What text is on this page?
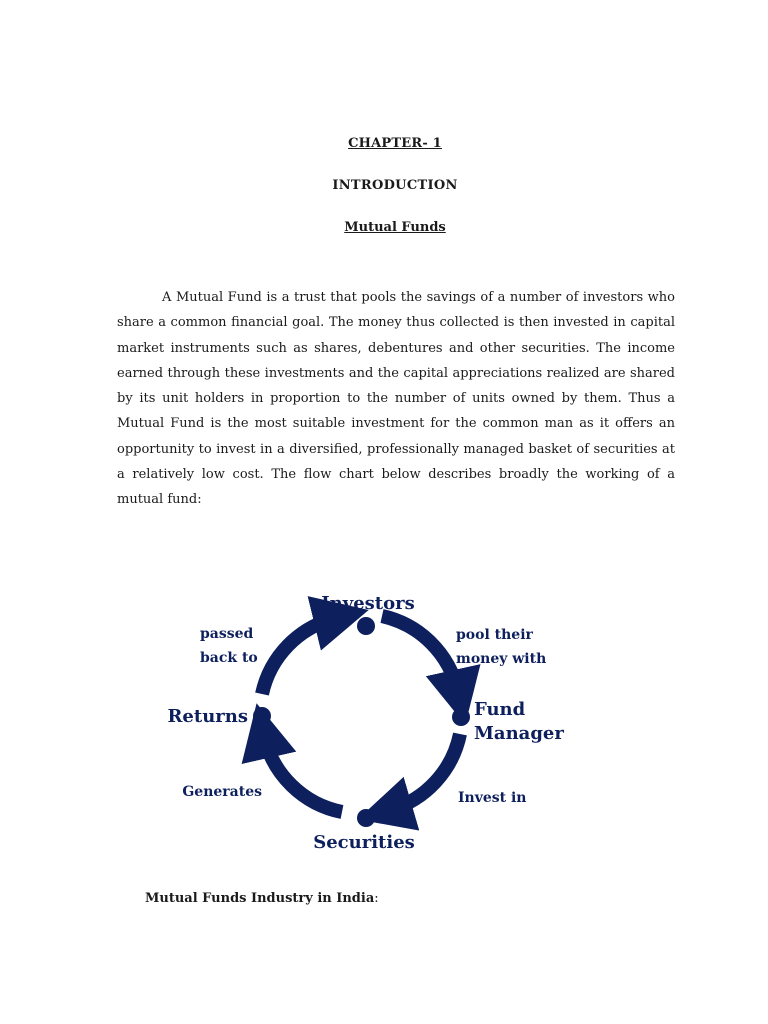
CHAPTER- 1
INTRODUCTION
Mutual Funds

A Mutual Fund is a trust that pools the savings of a number of investors who share a common financial goal. The money thus collected is then invested in capital market instruments such as shares, debentures and other securities. The income earned through these investments and the capital appreciations realized are shared by its unit holders in proportion to the number of units owned by them. Thus a Mutual Fund is the most suitable investment for the common man as it offers an opportunity to invest in a diversified, professionally managed basket of securities at a relatively low cost. The flow chart below describes broadly the working of a mutual fund:

Investors
Fund
Manager
Securities
Returns
pool their
money with
Invest in
Generates
passed
back to
Mutual Funds Industry in India:
